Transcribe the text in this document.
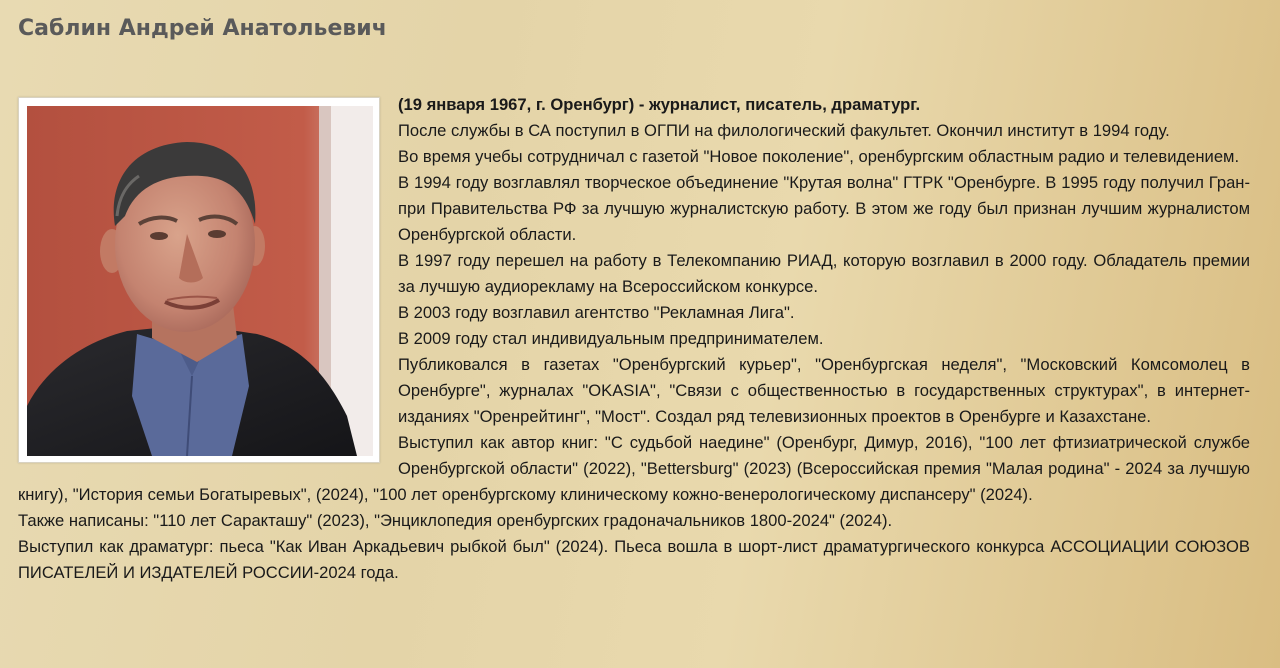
Саблин Андрей Анатольевич

(19 января 1967, г. Оренбург) - журналист, писатель, драматург.

После службы в СА поступил в ОГПИ на филологический факультет. Окончил институт в 1994 году.

Во время учебы сотрудничал с газетой "Новое поколение", оренбургским областным радио и телевидением.

В 1994 году возглавлял творческое объединение "Крутая волна" ГТРК "Оренбурге. В 1995 году получил Гран-при Правительства РФ за лучшую журналистскую работу. В этом же году был признан лучшим журналистом Оренбургской области.

В 1997 году перешел на работу в Телекомпанию РИАД, которую возглавил в 2000 году. Обладатель премии за лучшую аудиорекламу на Всероссийском конкурсе.

В 2003 году возглавил агентство "Рекламная Лига".

В 2009 году стал индивидуальным предпринимателем.

Публиковался в газетах "Оренбургский курьер", "Оренбургская неделя", "Московский Комсомолец в Оренбурге", журналах "OKASIA", "Связи с общественностью в государственных структурах", в интернет-изданиях "Оренрейтинг", "Мост". Создал ряд телевизионных проектов в Оренбурге и Казахстане.

Выступил как автор книг: "С судьбой наедине" (Оренбург, Димур, 2016), "100 лет фтизиатрической службе Оренбургской области" (2022), "Bettersburg" (2023) (Всероссийская премия "Малая родина" - 2024 за лучшую книгу), "История семьи Богатыревых", (2024), "100 лет оренбургскому клиническому кожно-венерологическому диспансеру" (2024).

Также написаны: "110 лет Саракташу" (2023), "Энциклопедия оренбургских градоначальников 1800-2024" (2024).

Выступил как драматург: пьеса "Как Иван Аркадьевич рыбкой был" (2024). Пьеса вошла в шорт-лист драматургического конкурса АССОЦИАЦИИ СОЮЗОВ ПИСАТЕЛЕЙ И ИЗДАТЕЛЕЙ РОССИИ-2024 года.
